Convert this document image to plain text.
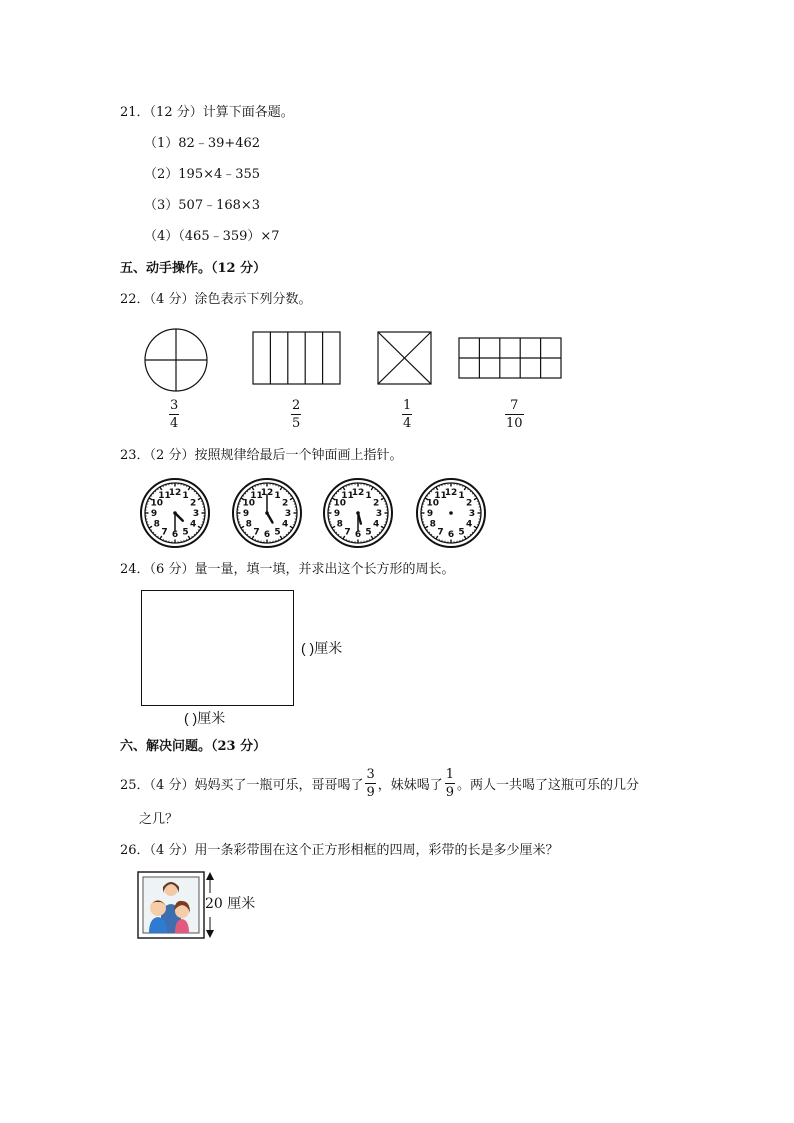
21．（12 分）计算下面各题。
（1）82﹣39+462
（2）195×4﹣355
（3）507﹣168×3
（4）（465﹣359）×7
五、动手操作。（12 分）
22．（4 分）涂色表示下列分数。
$\frac{3}{4}$	$\frac{2}{5}$	$\frac{1}{4}$	$\frac{7}{10}$
23．（2 分）按照规律给最后一个钟面画上指针。
12 1
2
3
4
5
6
7
8
9
10
11	12 1
2
3
4
5
6
7
8
9
10
11	12 1
2
3
4
5
6
7
8
9
10
11	12 1
2
3
4
5
6
7
8
9
10
11
24．（6 分）量一量，填一填，并求出这个长方形的周长。
( )厘米
( )厘米
六、解决问题。（23 分）
25．（4 分）妈妈买了一瓶可乐，哥哥喝了 $\frac{3}{9}$ ，妹妹喝了 $\frac{1}{9}$ 。两人一共喝了这瓶可乐的几分
之几？
26．（4 分）用一条彩带围在这个正方形相框的四周，彩带的长是多少厘米？
20 厘米
